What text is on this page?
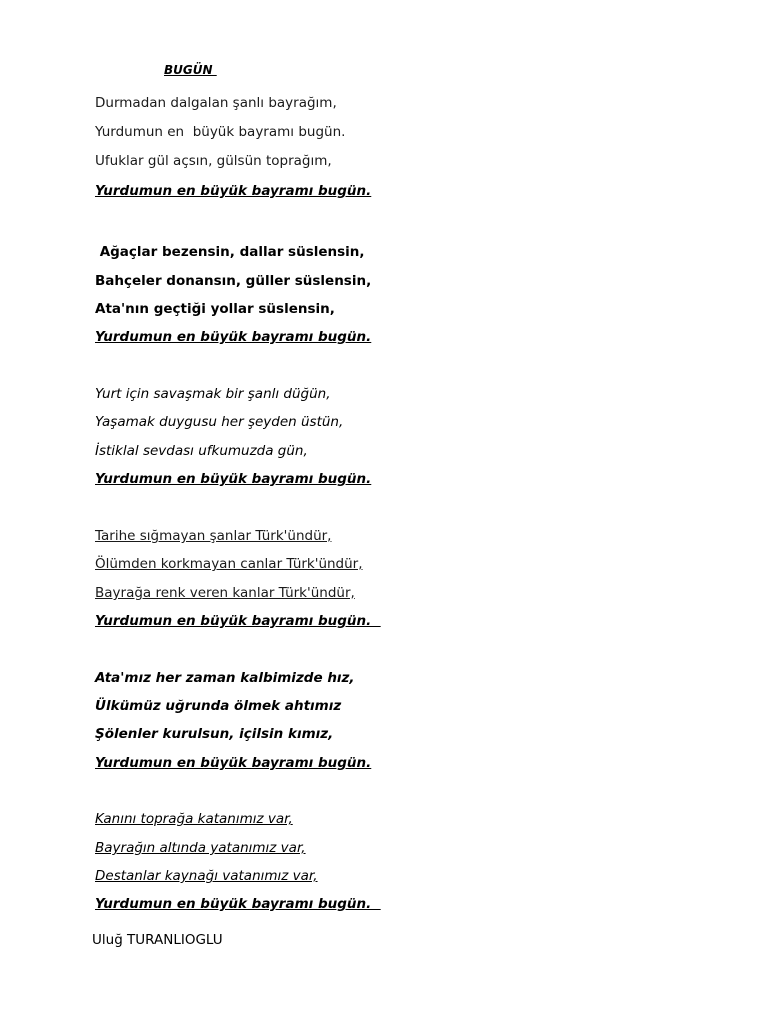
BUGÜN
Durmadan dalgalan şanlı bayrağım,
Yurdumun en  büyük bayramı bugün.
Ufuklar gül açsın, gülsün toprağım,
Yurdumun en büyük bayramı bugün.
Ağaçlar bezensin, dallar süslensin,
Bahçeler donansın, güller süslensin,
Ata'nın geçtiği yollar süslensin,
Yurdumun en büyük bayramı bugün.
Yurt için savaşmak bir şanlı düğün,
Yaşamak duygusu her şeyden üstün,
İstiklal sevdası ufkumuzda gün,
Yurdumun en büyük bayramı bugün.
Tarihe sığmayan şanlar Türk'ündür,
Ölümden korkmayan canlar Türk'ündür,
Bayrağa renk veren kanlar Türk'ündür,
Yurdumun en büyük bayramı bugün.
Ata'mız her zaman kalbimizde hız,
Ülkümüz uğrunda ölmek ahtımız
Şölenler kurulsun, içilsin kımız,
Yurdumun en büyük bayramı bugün.
Kanını toprağa katanımız var,
Bayrağın altında yatanımız var,
Destanlar kaynağı vatanımız var,
Yurdumun en büyük bayramı bugün.
Uluğ TURANLIOGLU
